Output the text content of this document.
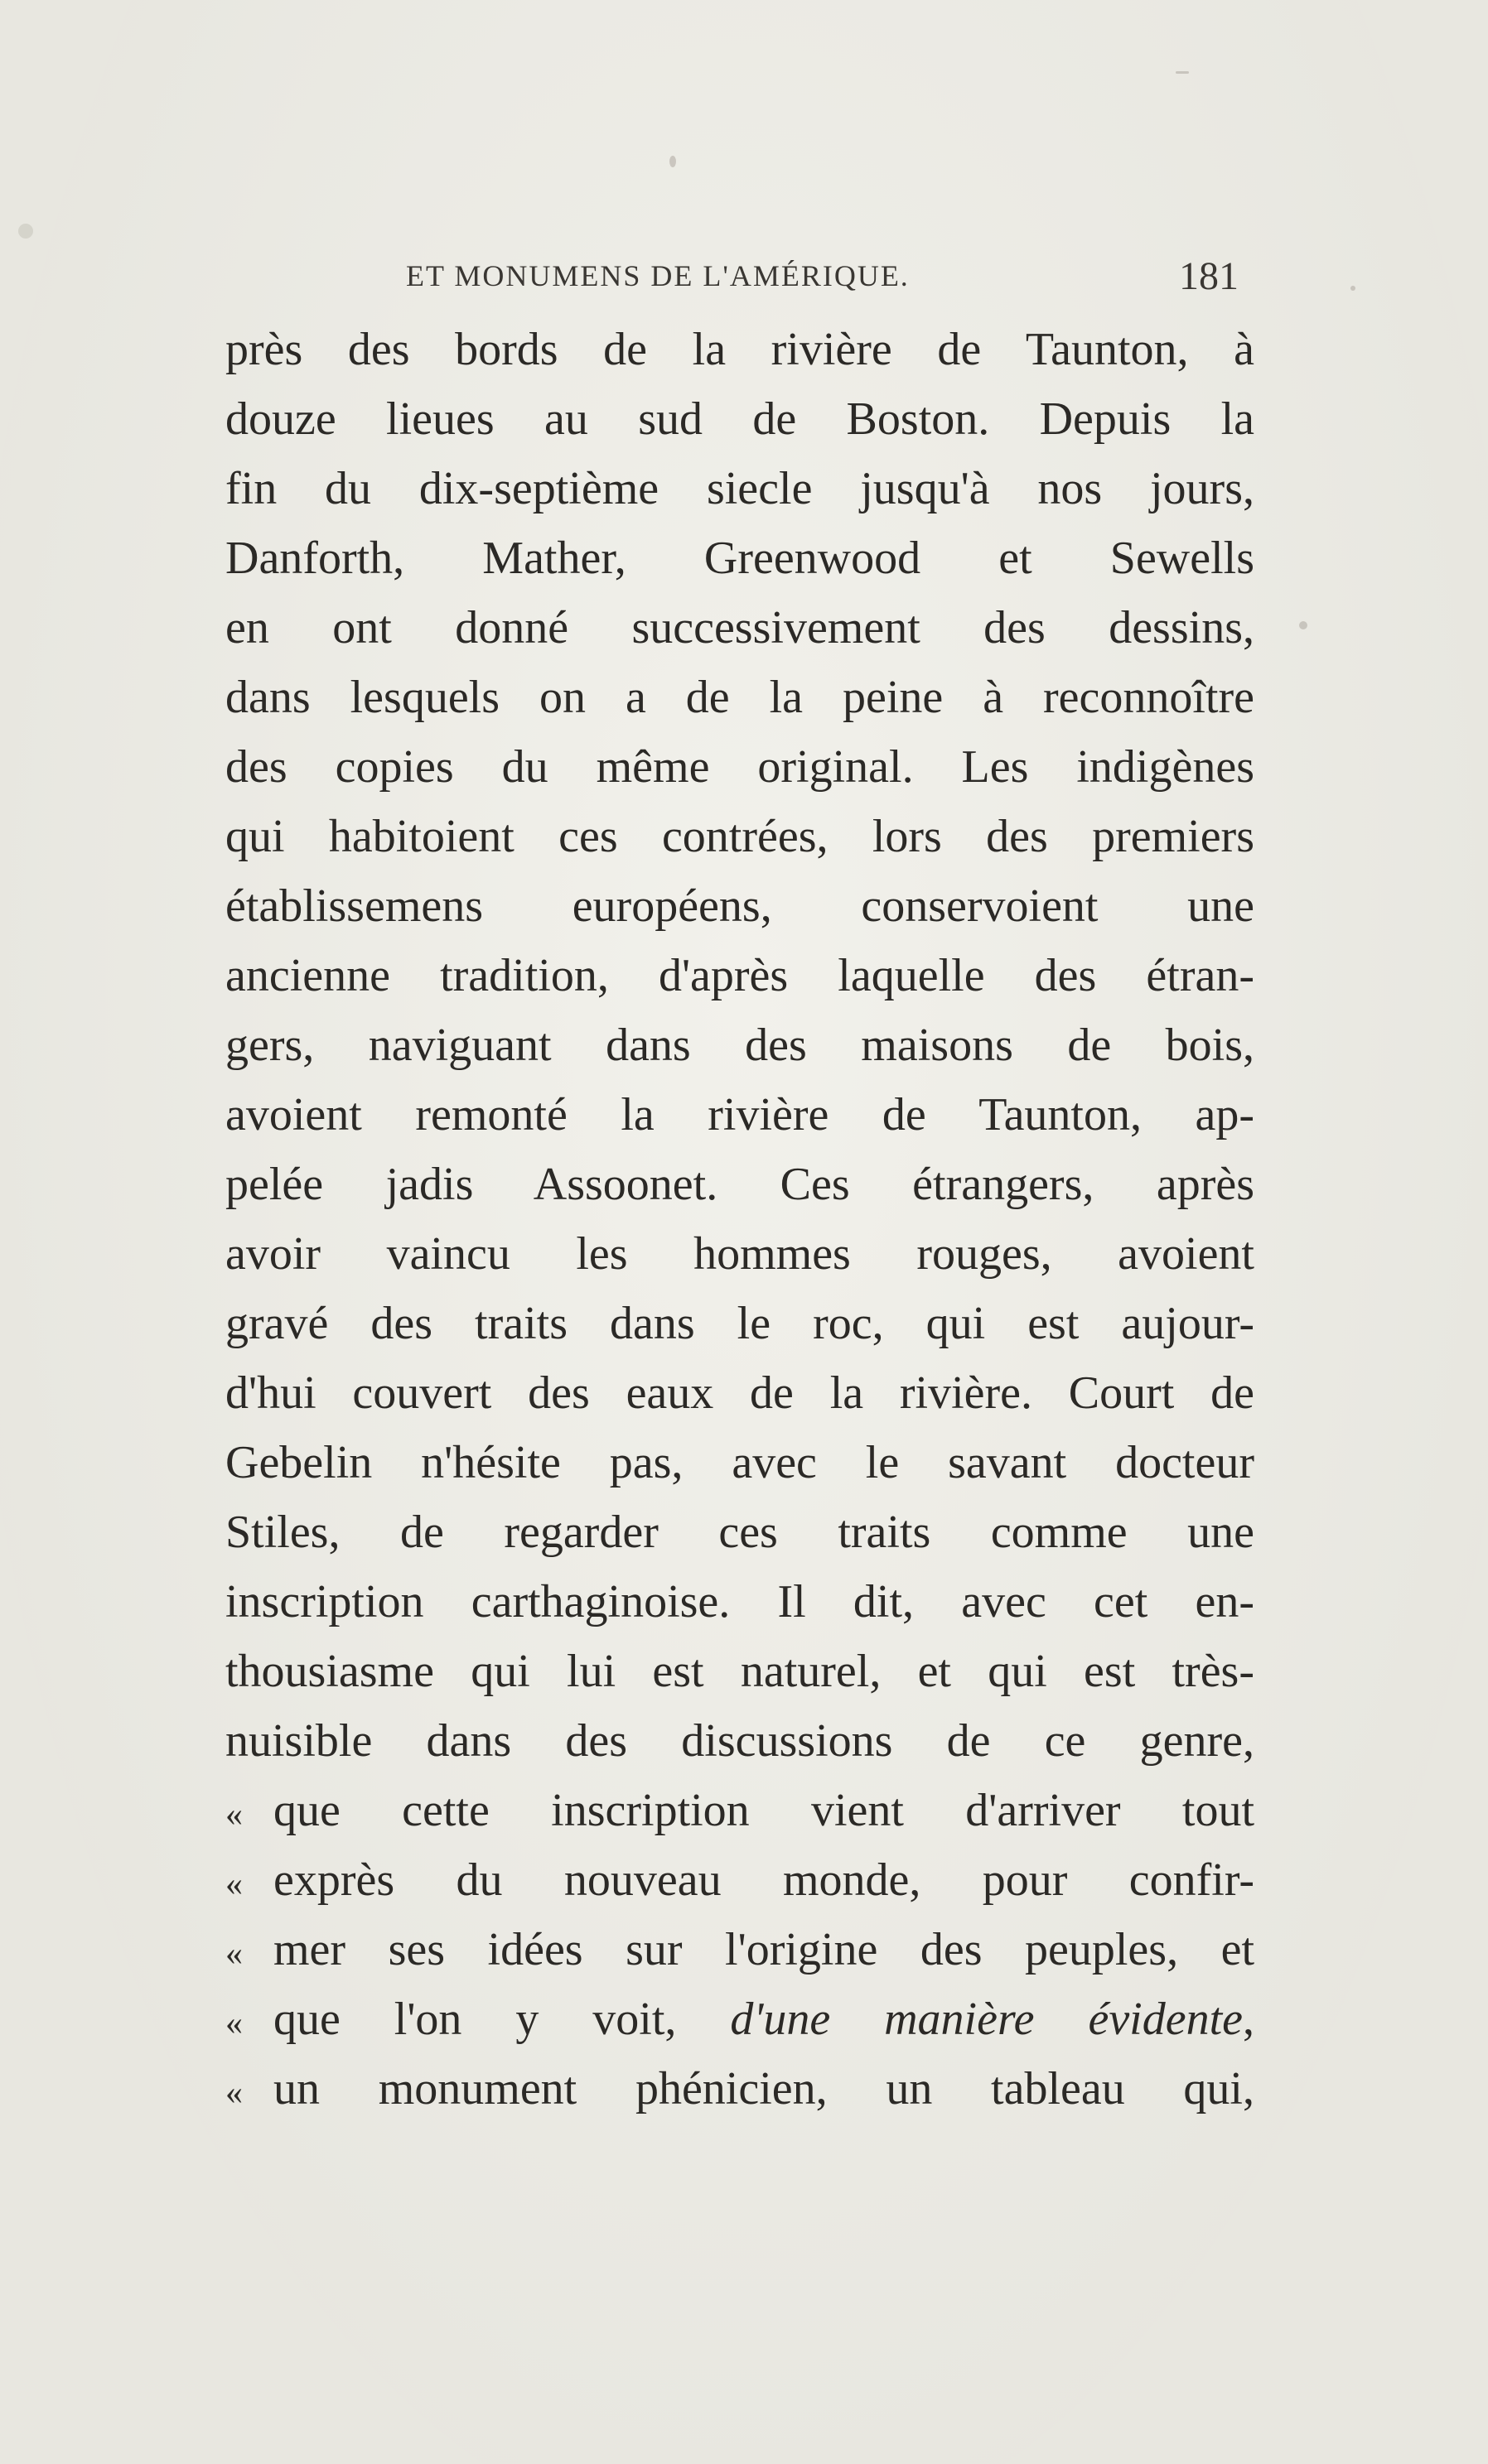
ET MONUMENS DE L'AMÉRIQUE.	181
près des bords de la rivière de Taunton, à
douze lieues au sud de Boston. Depuis la
fin du dix-septième siecle jusqu'à nos jours,
Danforth, Mather, Greenwood et Sewells
en ont donné successivement des dessins,
dans lesquels on a de la peine à reconnoître
des copies du même original. Les indigènes
qui habitoient ces contrées, lors des premiers
établissemens européens, conservoient une
ancienne tradition, d'après laquelle des étran-
gers, naviguant dans des maisons de bois,
avoient remonté la rivière de Taunton, ap-
pelée jadis Assoonet. Ces étrangers, après
avoir vaincu les hommes rouges, avoient
gravé des traits dans le roc, qui est aujour-
d'hui couvert des eaux de la rivière. Court de
Gebelin n'hésite pas, avec le savant docteur
Stiles, de regarder ces traits comme une
inscription carthaginoise. Il dit, avec cet en-
thousiasme qui lui est naturel, et qui est très-
nuisible dans des discussions de ce genre,
« que cette inscription vient d'arriver tout
« exprès du nouveau monde, pour confir-
« mer ses idées sur l'origine des peuples, et
« que l'on y voit, d'une manière évidente,
« un monument phénicien, un tableau qui,
